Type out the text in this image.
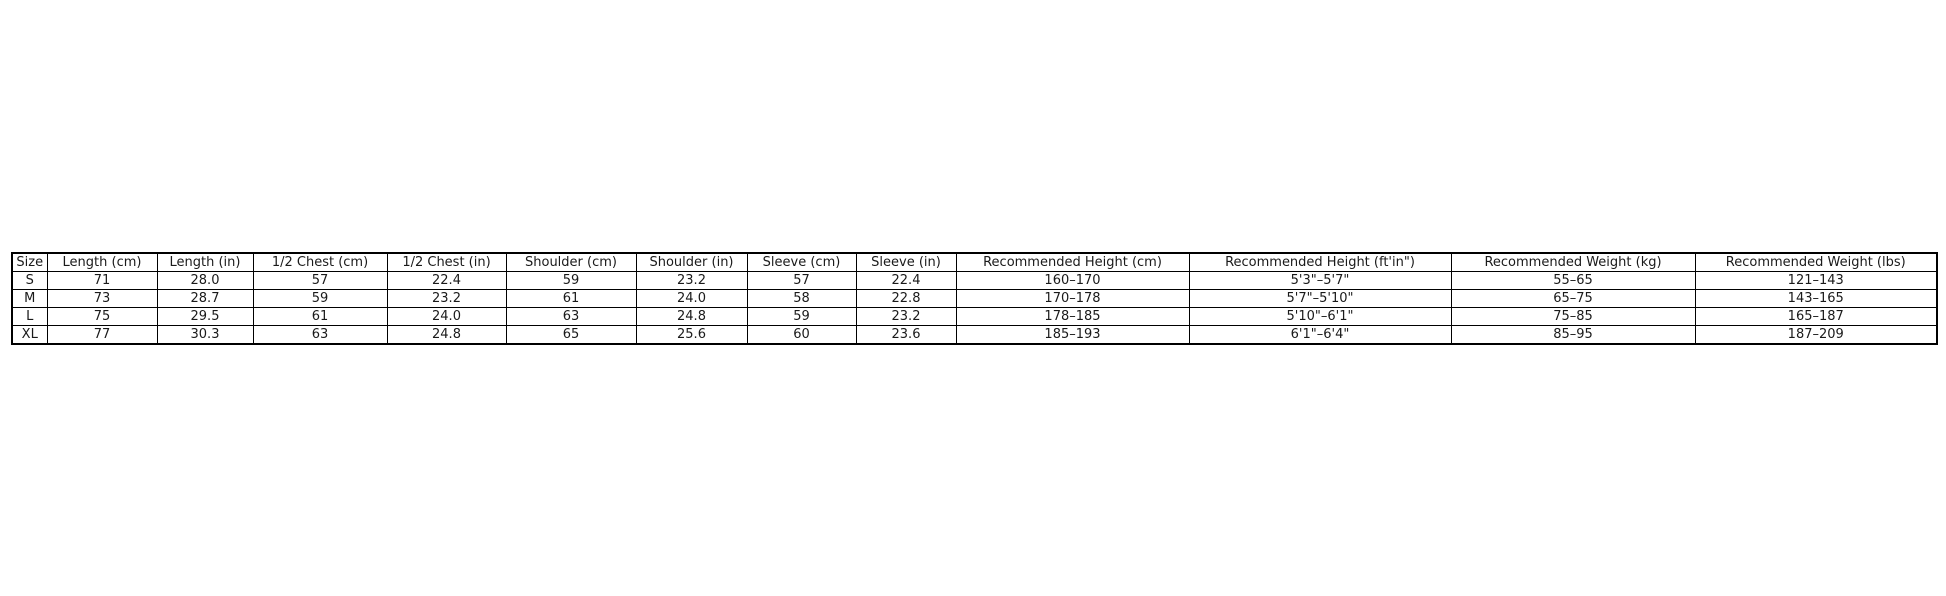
Size	Length (cm)	Length (in)	1/2 Chest (cm)	1/2 Chest (in)	Shoulder (cm)	Shoulder (in)	Sleeve (cm)	Sleeve (in)	Recommended Height (cm)	Recommended Height (ft'in")	Recommended Weight (kg)	Recommended Weight (lbs)
S	71	28.0	57	22.4	59	23.2	57	22.4	160–170	5'3"–5'7"	55–65	121–143
M	73	28.7	59	23.2	61	24.0	58	22.8	170–178	5'7"–5'10"	65–75	143–165
L	75	29.5	61	24.0	63	24.8	59	23.2	178–185	5'10"–6'1"	75–85	165–187
XL	77	30.3	63	24.8	65	25.6	60	23.6	185–193	6'1"–6'4"	85–95	187–209
